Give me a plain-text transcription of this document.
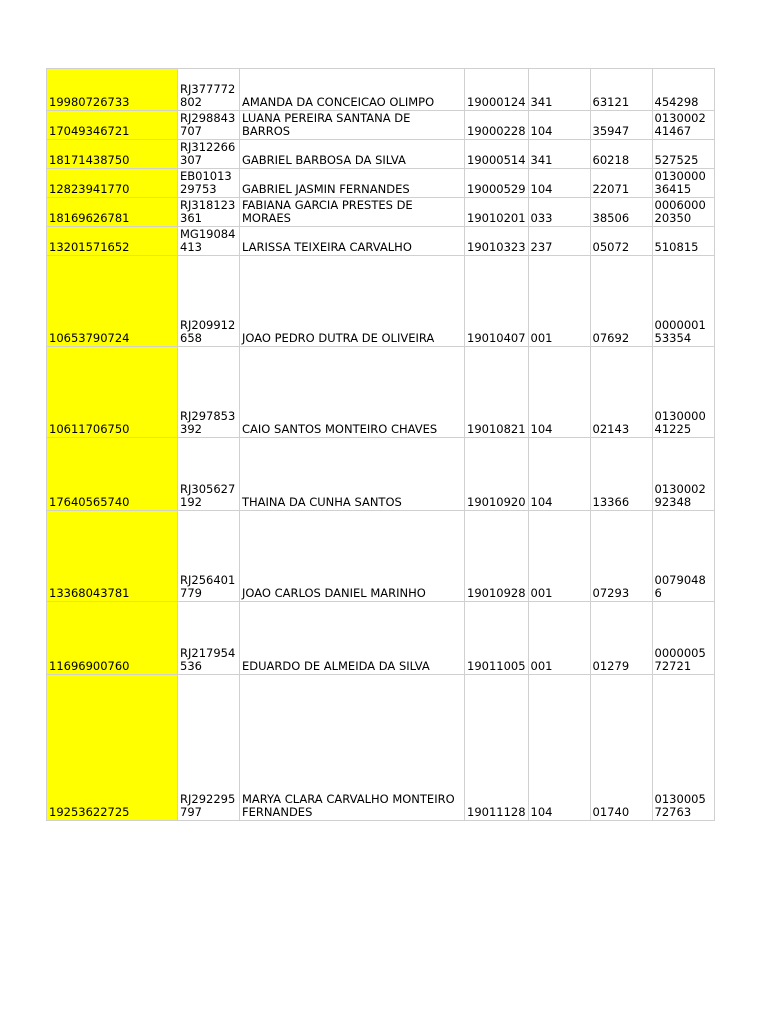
19980726733	RJ377772802	AMANDA DA CONCEICAO OLIMPO	19000124	341	63121	454298
17049346721	RJ298843707	LUANA PEREIRA SANTANA DE BARROS	19000228	104	35947	013000241467
18171438750	RJ312266307	GABRIEL BARBOSA DA SILVA	19000514	341	60218	527525
12823941770	EB0101329753	GABRIEL JASMIN FERNANDES	19000529	104	22071	013000036415
18169626781	RJ318123361	FABIANA GARCIA PRESTES DE MORAES	19010201	033	38506	000600020350
13201571652	MG19084413	LARISSA TEIXEIRA CARVALHO	19010323	237	05072	510815
10653790724	RJ209912658	JOAO PEDRO DUTRA DE OLIVEIRA	19010407	001	07692	000000153354
10611706750	RJ297853392	CAIO SANTOS MONTEIRO CHAVES	19010821	104	02143	013000041225
17640565740	RJ305627192	THAINA DA CUNHA SANTOS	19010920	104	13366	013000292348
13368043781	RJ256401779	JOAO CARLOS DANIEL MARINHO	19010928	001	07293	00790486
11696900760	RJ217954536	EDUARDO DE ALMEIDA DA SILVA	19011005	001	01279	000000572721
19253622725	RJ292295797	MARYA CLARA CARVALHO MONTEIRO FERNANDES	19011128	104	01740	013000572763
